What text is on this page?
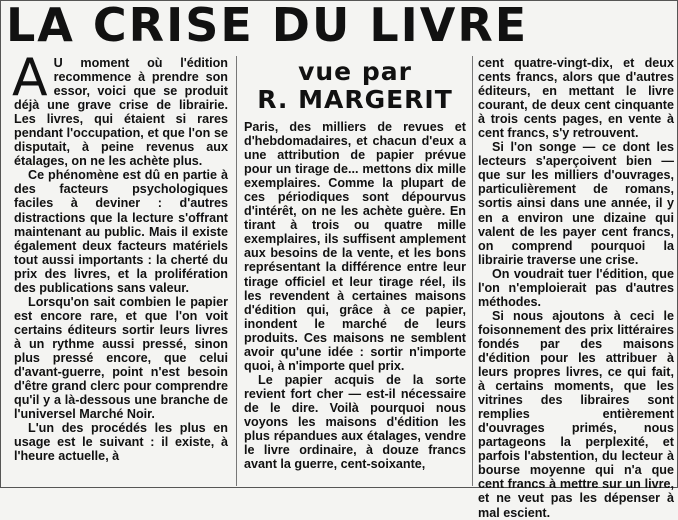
LA CRISE DU LIVRE
vue par
R. MARGERIT

A U moment où l'édition recommence à prendre son essor, voici que se produit déjà une grave crise de librairie. Les livres, qui étaient si rares pendant l'occupation, et que l'on se disputait, à peine revenus aux étalages, on ne les achète plus.

Ce phénomène est dû en partie à des facteurs psychologiques faciles à deviner : d'autres distractions que la lecture s'offrant maintenant au public. Mais il existe également deux facteurs matériels tout aussi importants : la cherté du prix des livres, et la prolifération des publications sans valeur.

Lorsqu'on sait combien le papier est encore rare, et que l'on voit certains éditeurs sortir leurs livres à un rythme aussi pressé, sinon plus pressé encore, que celui d'avant-guerre, point n'est besoin d'être grand clerc pour comprendre qu'il y a là-dessous une branche de l'universel Marché Noir.

L'un des procédés les plus en usage est le suivant : il existe, à l'heure actuelle, à

Paris, des milliers de revues et d'hebdomadaires, et chacun d'eux a une attribution de papier prévue pour un tirage de... mettons dix mille exemplaires. Comme la plupart de ces périodiques sont dépourvus d'intérêt, on ne les achète guère. En tirant à trois ou quatre mille exemplaires, ils suffisent amplement aux besoins de la vente, et les bons représentant la différence entre leur tirage officiel et leur tirage réel, ils les revendent à certaines maisons d'édition qui, grâce à ce papier, inondent le marché de leurs produits. Ces maisons ne semblent avoir qu'une idée : sortir n'importe quoi, à n'importe quel prix.

Le papier acquis de la sorte revient fort cher — est-il nécessaire de le dire. Voilà pourquoi nous voyons les maisons d'édition les plus répandues aux étalages, vendre le livre ordinaire, à douze francs avant la guerre, cent-soixante,

cent quatre-vingt-dix, et deux cents francs, alors que d'autres éditeurs, en mettant le livre courant, de deux cent cinquante à trois cents pages, en vente à cent francs, s'y retrouvent.

Si l'on songe — ce dont les lecteurs s'aperçoivent bien — que sur les milliers d'ouvrages, particulièrement de romans, sortis ainsi dans une année, il y en a environ une dizaine qui valent de les payer cent francs, on comprend pourquoi la librairie traverse une crise.

On voudrait tuer l'édition, que l'on n'emploierait pas d'autres méthodes.

Si nous ajoutons à ceci le foisonnement des prix littéraires fondés par des maisons d'édition pour les attribuer à leurs propres livres, ce qui fait, à certains moments, que les vitrines des libraires sont remplies entièrement d'ouvrages primés, nous partageons la perplexité, et parfois l'abstention, du lecteur à bourse moyenne qui n'a que cent francs à mettre sur un livre, et ne veut pas les dépenser à mal escient.
